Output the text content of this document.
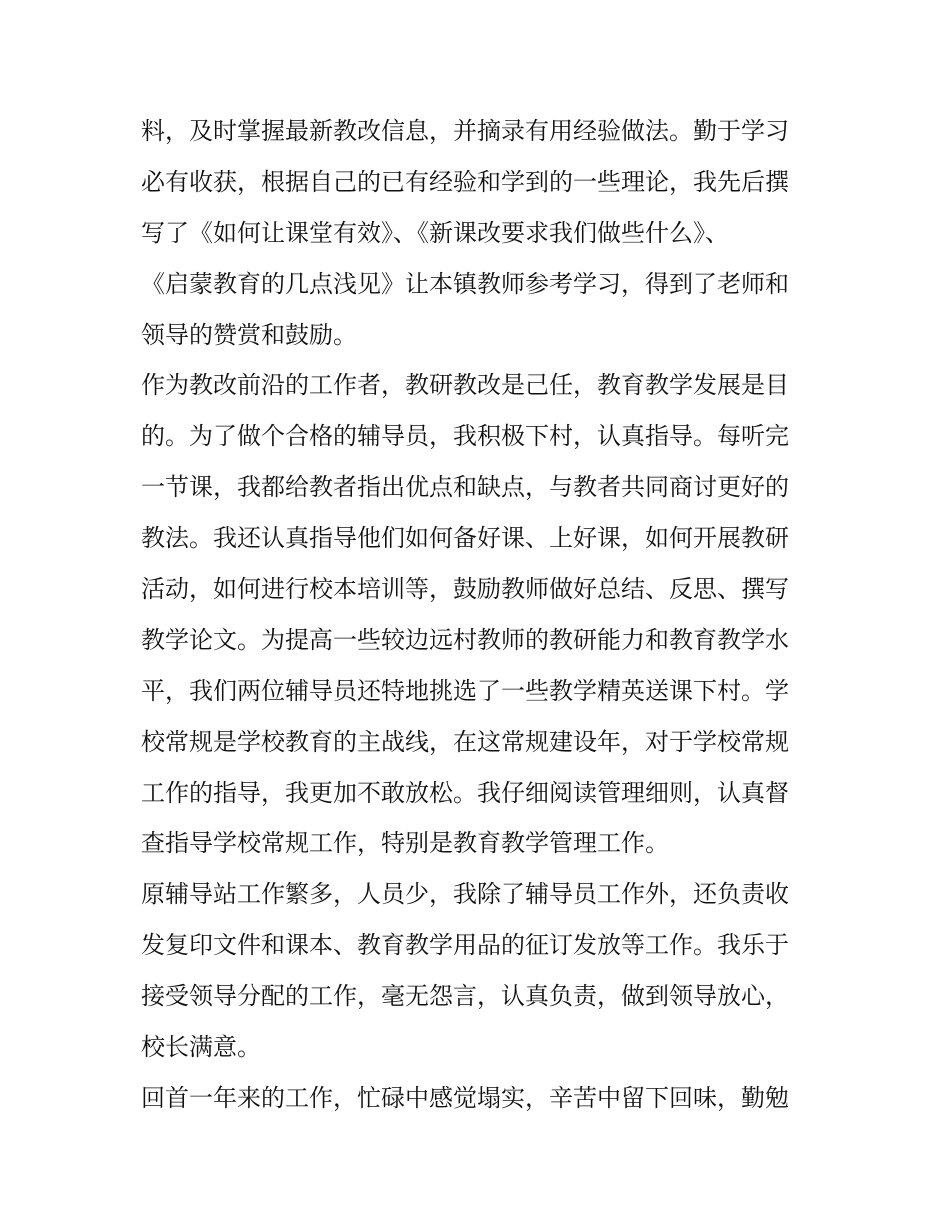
料，及时掌握最新教改信息，并摘录有用经验做法。勤于学习
必有收获，根据自己的已有经验和学到的一些理论，我先后撰
写了《如何让课堂有效》、《新课改要求我们做些什么》、
《启蒙教育的几点浅见》让本镇教师参考学习，得到了老师和
领导的赞赏和鼓励。
作为教改前沿的工作者，教研教改是己任，教育教学发展是目
的。为了做个合格的辅导员，我积极下村，认真指导。每听完
一节课，我都给教者指出优点和缺点，与教者共同商讨更好的
教法。我还认真指导他们如何备好课、上好课，如何开展教研
活动，如何进行校本培训等，鼓励教师做好总结、反思、撰写
教学论文。为提高一些较边远村教师的教研能力和教育教学水
平，我们两位辅导员还特地挑选了一些教学精英送课下村。学
校常规是学校教育的主战线，在这常规建设年，对于学校常规
工作的指导，我更加不敢放松。我仔细阅读管理细则，认真督
查指导学校常规工作，特别是教育教学管理工作。
原辅导站工作繁多，人员少，我除了辅导员工作外，还负责收
发复印文件和课本、教育教学用品的征订发放等工作。我乐于
接受领导分配的工作，毫无怨言，认真负责，做到领导放心，
校长满意。
回首一年来的工作，忙碌中感觉塌实，辛苦中留下回味，勤勉
